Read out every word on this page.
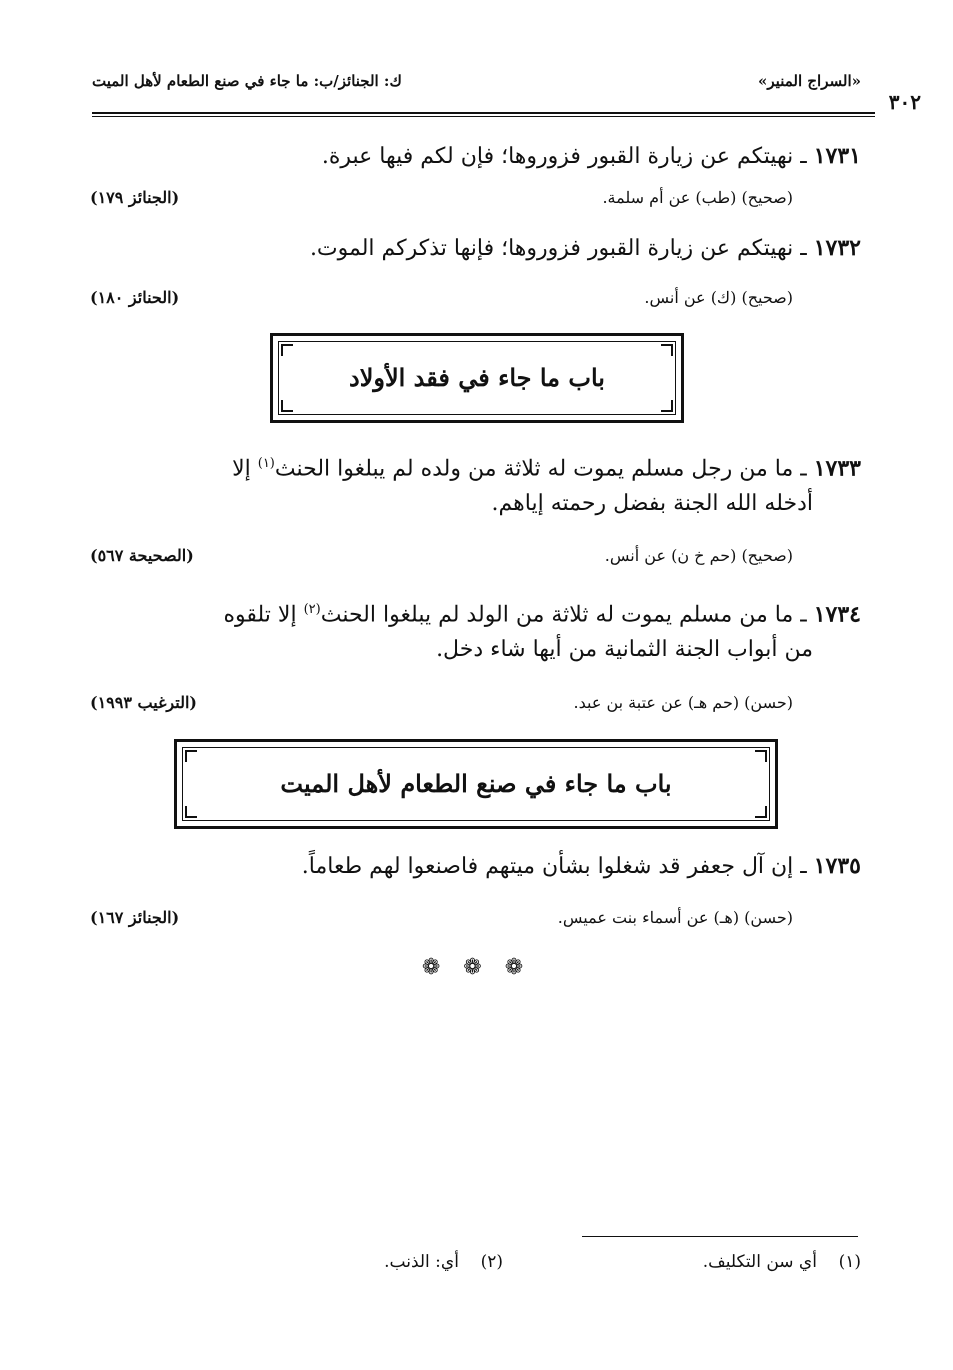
«السراج المنير»
ك: الجنائز/ب: ما جاء في صنع الطعام لأهل الميت
٣٠٢
١٧٣١ ـ نهيتكم عن زيارة القبور فزوروها؛ فإن لكم فيها عبرة.
(صحيح) (طب) عن أم سلمة.
(الجنائز ١٧٩)
١٧٣٢ ـ نهيتكم عن زيارة القبور فزوروها؛ فإنها تذكركم الموت.
(صحيح) (ك) عن أنس.
(الحنائز ١٨٠)
باب ما جاء في فقد الأولاد
١٧٣٣ ـ ما من رجل مسلم يموت له ثلاثة من ولده لم يبلغوا الحنث$^{(١)}$ إلا
أدخله الله الجنة بفضل رحمته إياهم.
(صحيح) (حم خ ن) عن أنس.
(الصحيحة ٥٦٧)
١٧٣٤ ـ ما من مسلم يموت له ثلاثة من الولد لم يبلغوا الحنث$^{(٢)}$ إلا تلقوه
من أبواب الجنة الثمانية من أيها شاء دخل.
(حسن) (حم هـ) عن عتبة بن عبد.
(الترغيب ١٩٩٣)
باب ما جاء في صنع الطعام لأهل الميت
١٧٣٥ ـ إن آل جعفر قد شغلوا بشأن ميتهم فاصنعوا لهم طعاماً.
(حسن) (هـ) عن أسماء بنت عميس.
(الجنائز ١٦٧)
❁ ❁ ❁
(١)    أي سن التكليف.
(٢)    أي: الذنب.
